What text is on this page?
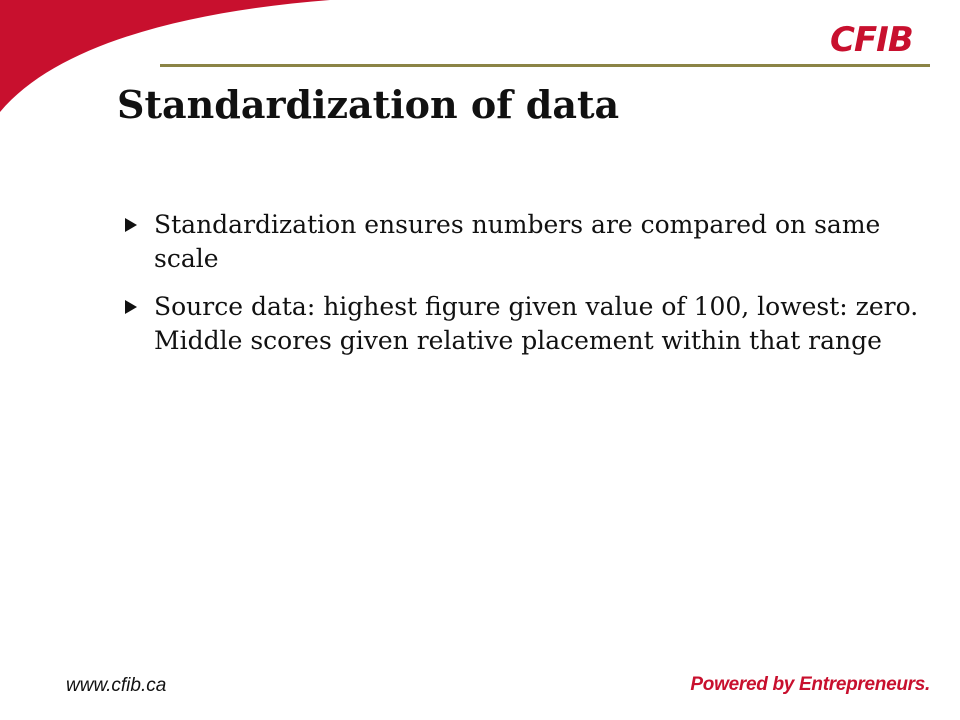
CFIB
Standardization of data
Standardization ensures numbers are compared on same scale
Source data: highest figure given value of 100, lowest: zero. Middle scores given relative placement within that range
www.cfib.ca	Powered by Entrepreneurs.
